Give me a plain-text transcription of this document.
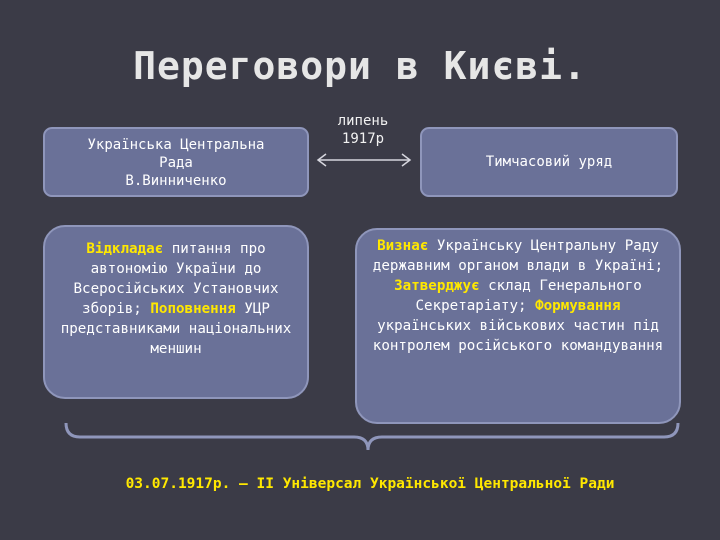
Переговори в Києві.
липень
1917р
Українська Центральна
Рада
В.Винниченко
Тимчасовий уряд
Відкладає питання про автономію України до Всеросійських Установчих зборів; Поповнення УЦР представниками національних меншин
Визнає Українську Центральну Раду державним органом влади в Україні; Затверджує склад Генерального Секретаріату; Формування українських військових частин під контролем російського командування
03.07.1917р. – ІІ Універсал Української Центральної Ради
